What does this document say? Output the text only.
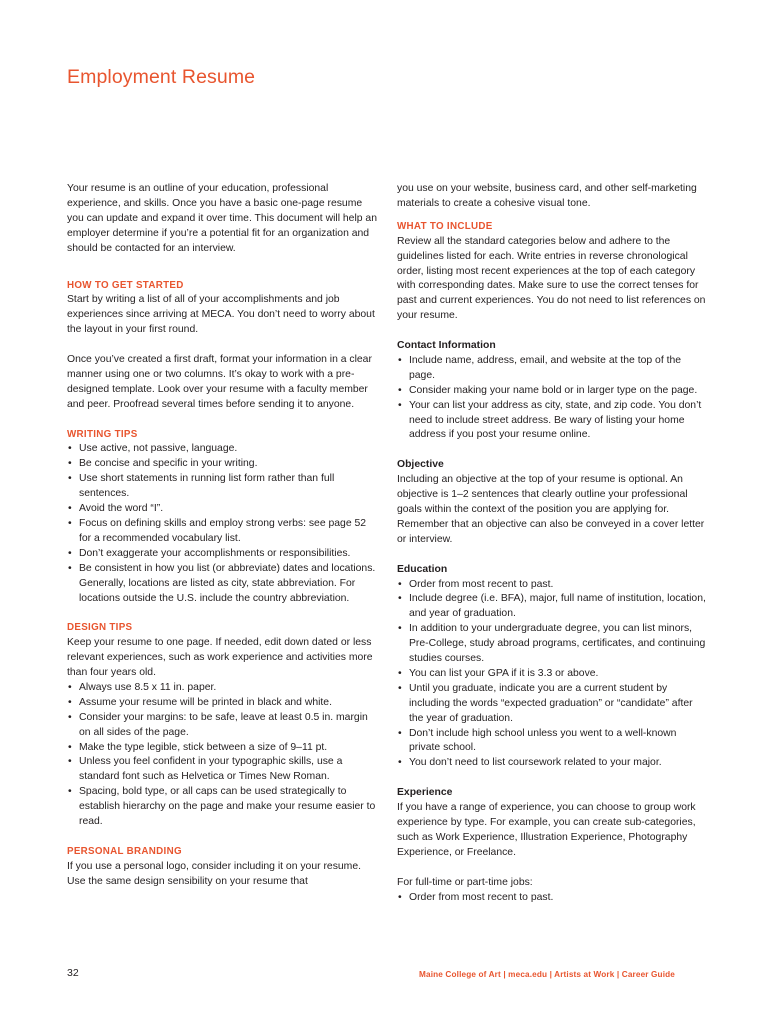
Employment Resume

Your resume is an outline of your education, professional experience, and skills. Once you have a basic one-page resume you can update and expand it over time. This document will help an employer determine if you’re a potential fit for an organization and should be contacted for an interview.

HOW TO GET STARTED

Start by writing a list of all of your accomplishments and job experiences since arriving at MECA. You don’t need to worry about the layout in your first round.

Once you’ve created a first draft, format your information in a clear manner using one or two columns. It’s okay to work with a pre-designed template. Look over your resume with a faculty member and peer. Proofread several times before sending it to anyone.

WRITING TIPS

• Use active, not passive, language.
• Be concise and specific in your writing.
• Use short statements in running list form rather than full sentences.
• Avoid the word “I”.
• Focus on defining skills and employ strong verbs: see page 52 for a recommended vocabulary list.
• Don’t exaggerate your accomplishments or responsibilities.
• Be consistent in how you list (or abbreviate) dates and locations. Generally, locations are listed as city, state abbreviation. For locations outside the U.S. include the country abbreviation.

DESIGN TIPS

Keep your resume to one page. If needed, edit down dated or less relevant experiences, such as work experience and activities more than four years old.

• Always use 8.5 x 11 in. paper.
• Assume your resume will be printed in black and white.
• Consider your margins: to be safe, leave at least 0.5 in. margin on all sides of the page.
• Make the type legible, stick between a size of 9–11 pt.
• Unless you feel confident in your typographic skills, use a standard font such as Helvetica or Times New Roman.
• Spacing, bold type, or all caps can be used strategically to establish hierarchy on the page and make your resume easier to read.

PERSONAL BRANDING

If you use a personal logo, consider including it on your resume. Use the same design sensibility on your resume that

you use on your website, business card, and other self-marketing materials to create a cohesive visual tone.

WHAT TO INCLUDE

Review all the standard categories below and adhere to the guidelines listed for each. Write entries in reverse chronological order, listing most recent experiences at the top of each category with corresponding dates. Make sure to use the correct tenses for past and current experiences. You do not need to list references on your resume.

Contact Information

• Include name, address, email, and website at the top of the page.
• Consider making your name bold or in larger type on the page.
• Your can list your address as city, state, and zip code. You don’t need to include street address. Be wary of listing your home address if you post your resume online.

Objective

Including an objective at the top of your resume is optional. An objective is 1–2 sentences that clearly outline your professional goals within the context of the position you are applying for. Remember that an objective can also be conveyed in a cover letter or interview.

Education

• Order from most recent to past.
• Include degree (i.e. BFA), major, full name of institution, location, and year of graduation.
• In addition to your undergraduate degree, you can list minors, Pre-College, study abroad programs, certificates, and continuing studies courses.
• You can list your GPA if it is 3.3 or above.
• Until you graduate, indicate you are a current student by including the words “expected graduation” or “candidate” after the year of graduation.
• Don’t include high school unless you went to a well-known private school.
• You don’t need to list coursework related to your major.

Experience

If you have a range of experience, you can choose to group work experience by type. For example, you can create sub-categories, such as Work Experience, Illustration Experience, Photography Experience, or Freelance.

For full-time or part-time jobs:

• Order from most recent to past.

32	Maine College of Art | meca.edu | Artists at Work | Career Guide
